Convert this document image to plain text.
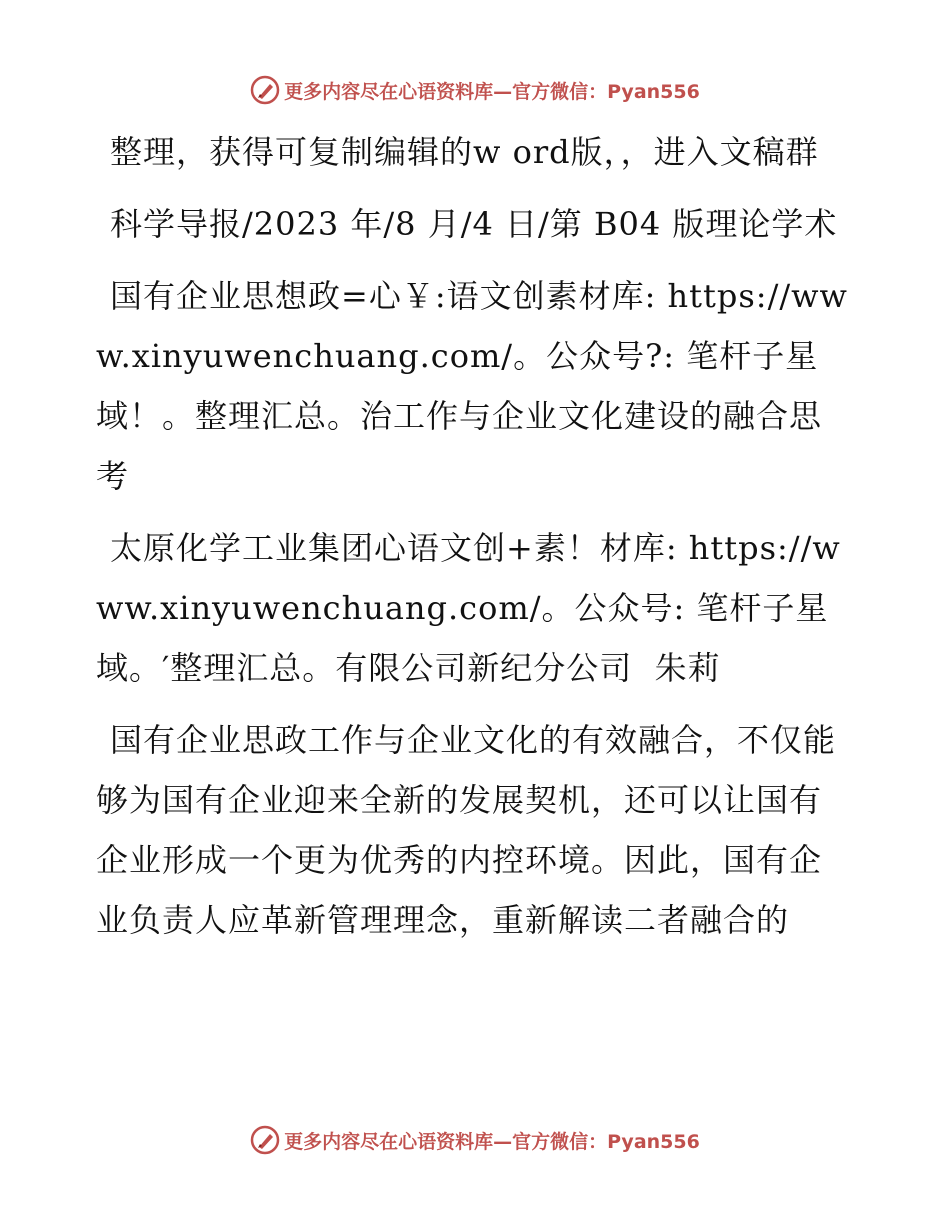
更多内容尽在心语资料库—官方微信：Pyan556

整理，获得可复制编辑的w ord版，，进入文稿群

科学导报/2023 年/8 月/4 日/第 B04 版理论学术

国有企业思想政=心￥:语文创素材库: https://www.xinyuwenchuang.com/。公众号?: 笔杆子星域！。整理汇总。治工作与企业文化建设的融合思考

太原化学工业集团心语文创+素！材库: https://www.xinyuwenchuang.com/。公众号: 笔杆子星域。′整理汇总。有限公司新纪分公司  朱莉

国有企业思政工作与企业文化的有效融合，不仅能够为国有企业迎来全新的发展契机，还可以让国有企业形成一个更为优秀的内控环境。因此，国有企业负责人应革新管理理念，重新解读二者融合的

更多内容尽在心语资料库—官方微信：Pyan556
